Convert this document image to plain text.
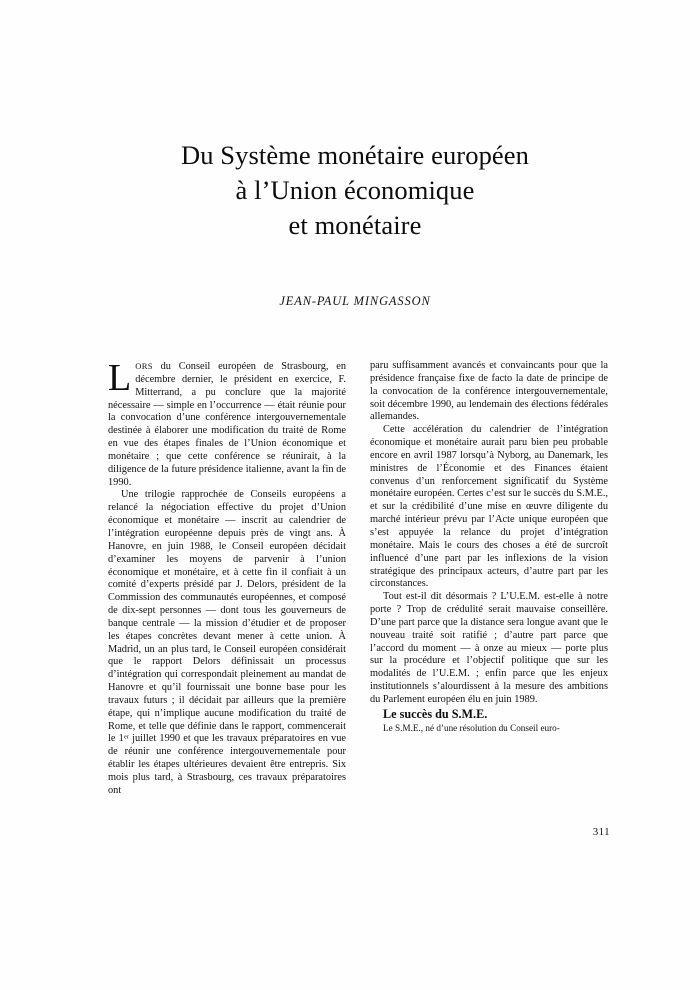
Du Système monétaire européen
à l’Union économique
et monétaire
JEAN-PAUL MINGASSON

LORS du Conseil européen de Strasbourg, en décembre dernier, le président en exercice, F. Mitterrand, a pu conclure que la majorité nécessaire — simple en l’occurrence — était réunie pour la convocation d’une conférence intergouvernementale destinée à élaborer une modification du traité de Rome en vue des étapes finales de l’Union économique et monétaire ; que cette conférence se réunirait, à la diligence de la future présidence italienne, avant la fin de 1990.

Une trilogie rapprochée de Conseils européens a relancé la négociation effective du projet d’Union économique et monétaire — inscrit au calendrier de l’intégration européenne depuis près de vingt ans. À Hanovre, en juin 1988, le Conseil européen décidait d’examiner les moyens de parvenir à l’union économique et monétaire, et à cette fin il confiait à un comité d’experts présidé par J. Delors, président de la Commission des communautés européennes, et composé de dix-sept personnes — dont tous les gouverneurs de banque centrale — la mission d’étudier et de proposer les étapes concrètes devant mener à cette union. À Madrid, un an plus tard, le Conseil européen considérait que le rapport Delors définissait un processus d’intégration qui correspondait pleinement au mandat de Hanovre et qu’il fournissait une bonne base pour les travaux futurs ; il décidait par ailleurs que la première étape, qui n’implique aucune modification du traité de Rome, et telle que définie dans le rapport, commencerait le 1er juillet 1990 et que les travaux préparatoires en vue de réunir une conférence intergouvernementale pour établir les étapes ultérieures devaient être entrepris. Six mois plus tard, à Strasbourg, ces travaux préparatoires ont

paru suffisamment avancés et convaincants pour que la présidence française fixe de facto la date de principe de la convocation de la conférence intergouvernementale, soit décembre 1990, au lendemain des élections fédérales allemandes.

Cette accélération du calendrier de l’intégration économique et monétaire aurait paru bien peu probable encore en avril 1987 lorsqu’à Nyborg, au Danemark, les ministres de l’Économie et des Finances étaient convenus d’un renforcement significatif du Système monétaire européen. Certes c’est sur le succès du S.M.E., et sur la crédibilité d’une mise en œuvre diligente du marché intérieur prévu par l’Acte unique européen que s’est appuyée la relance du projet d’intégration monétaire. Mais le cours des choses a été de surcroît influencé d’une part par les inflexions de la vision stratégique des principaux acteurs, d’autre part par les circonstances.

Tout est-il dit désormais ? L’U.E.M. est-elle à notre porte ? Trop de crédulité serait mauvaise conseillère. D’une part parce que la distance sera longue avant que le nouveau traité soit ratifié ; d’autre part parce que l’accord du moment — à onze au mieux — porte plus sur la procédure et l’objectif politique que sur les modalités de l’U.E.M. ; enfin parce que les enjeux institutionnels s’alourdissent à la mesure des ambitions du Parlement européen élu en juin 1989.

Le succès du S.M.E.

Le S.M.E., né d’une résolution du Conseil euro-

311
